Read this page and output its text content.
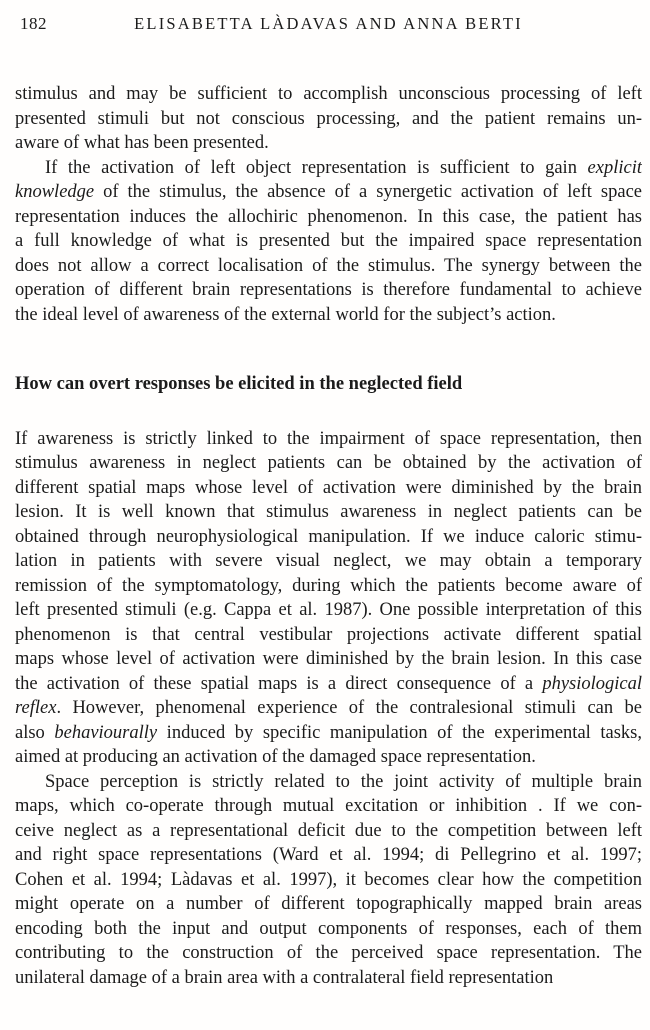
182	ELISABETTA LÀDAVAS AND ANNA BERTI
stimulus and may be sufficient to accomplish unconscious processing of left
presented stimuli but not conscious processing, and the patient remains un-
aware of what has been presented.
If the activation of left object representation is sufficient to gain explicit
knowledge of the stimulus, the absence of a synergetic activation of left space
representation induces the allochiric phenomenon. In this case, the patient has
a full knowledge of what is presented but the impaired space representation
does not allow a correct localisation of the stimulus. The synergy between the
operation of different brain representations is therefore fundamental to achieve
the ideal level of awareness of the external world for the subject’s action.
How can overt responses be elicited in the neglected field
If awareness is strictly linked to the impairment of space representation, then
stimulus awareness in neglect patients can be obtained by the activation of
different spatial maps whose level of activation were diminished by the brain
lesion. It is well known that stimulus awareness in neglect patients can be
obtained through neurophysiological manipulation. If we induce caloric stimu-
lation in patients with severe visual neglect, we may obtain a temporary
remission of the symptomatology, during which the patients become aware of
left presented stimuli (e.g. Cappa et al. 1987). One possible interpretation of this
phenomenon is that central vestibular projections activate different spatial
maps whose level of activation were diminished by the brain lesion. In this case
the activation of these spatial maps is a direct consequence of a physiological
reflex. However, phenomenal experience of the contralesional stimuli can be
also behaviourally induced by specific manipulation of the experimental tasks,
aimed at producing an activation of the damaged space representation.
Space perception is strictly related to the joint activity of multiple brain
maps, which co-operate through mutual excitation or inhibition . If we con-
ceive neglect as a representational deficit due to the competition between left
and right space representations (Ward et al. 1994; di Pellegrino et al. 1997;
Cohen et al. 1994; Làdavas et al. 1997), it becomes clear how the competition
might operate on a number of different topographically mapped brain areas
encoding both the input and output components of responses, each of them
contributing to the construction of the perceived space representation. The
unilateral damage of a brain area with a contralateral field representation
